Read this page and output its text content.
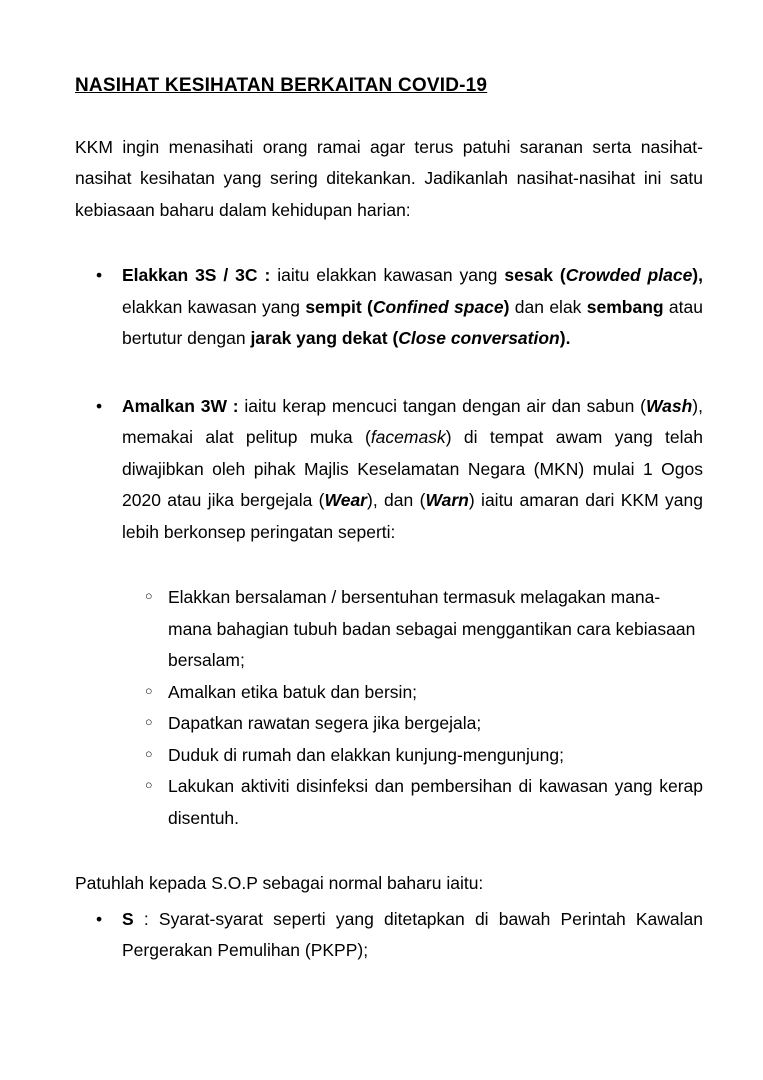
NASIHAT KESIHATAN BERKAITAN COVID-19

KKM ingin menasihati orang ramai agar terus patuhi saranan serta nasihat-nasihat kesihatan yang sering ditekankan. Jadikanlah nasihat-nasihat ini satu kebiasaan baharu dalam kehidupan harian:

• Elakkan 3S / 3C : iaitu elakkan kawasan yang sesak (Crowded place), elakkan kawasan yang sempit (Confined space) dan elak sembang atau bertutur dengan jarak yang dekat (Close conversation).
• Amalkan 3W : iaitu kerap mencuci tangan dengan air dan sabun (Wash), memakai alat pelitup muka (facemask) di tempat awam yang telah diwajibkan oleh pihak Majlis Keselamatan Negara (MKN) mulai 1 Ogos 2020 atau jika bergejala (Wear), dan (Warn) iaitu amaran dari KKM yang lebih berkonsep peringatan seperti:
○ Elakkan bersalaman / bersentuhan termasuk melagakan mana-mana bahagian tubuh badan sebagai menggantikan cara kebiasaan bersalam;
○ Amalkan etika batuk dan bersin;
○ Dapatkan rawatan segera jika bergejala;
○ Duduk di rumah dan elakkan kunjung-mengunjung;
○ Lakukan aktiviti disinfeksi dan pembersihan di kawasan yang kerap disentuh.

Patuhlah kepada S.O.P sebagai normal baharu iaitu:

• S : Syarat-syarat seperti yang ditetapkan di bawah Perintah Kawalan Pergerakan Pemulihan (PKPP);
